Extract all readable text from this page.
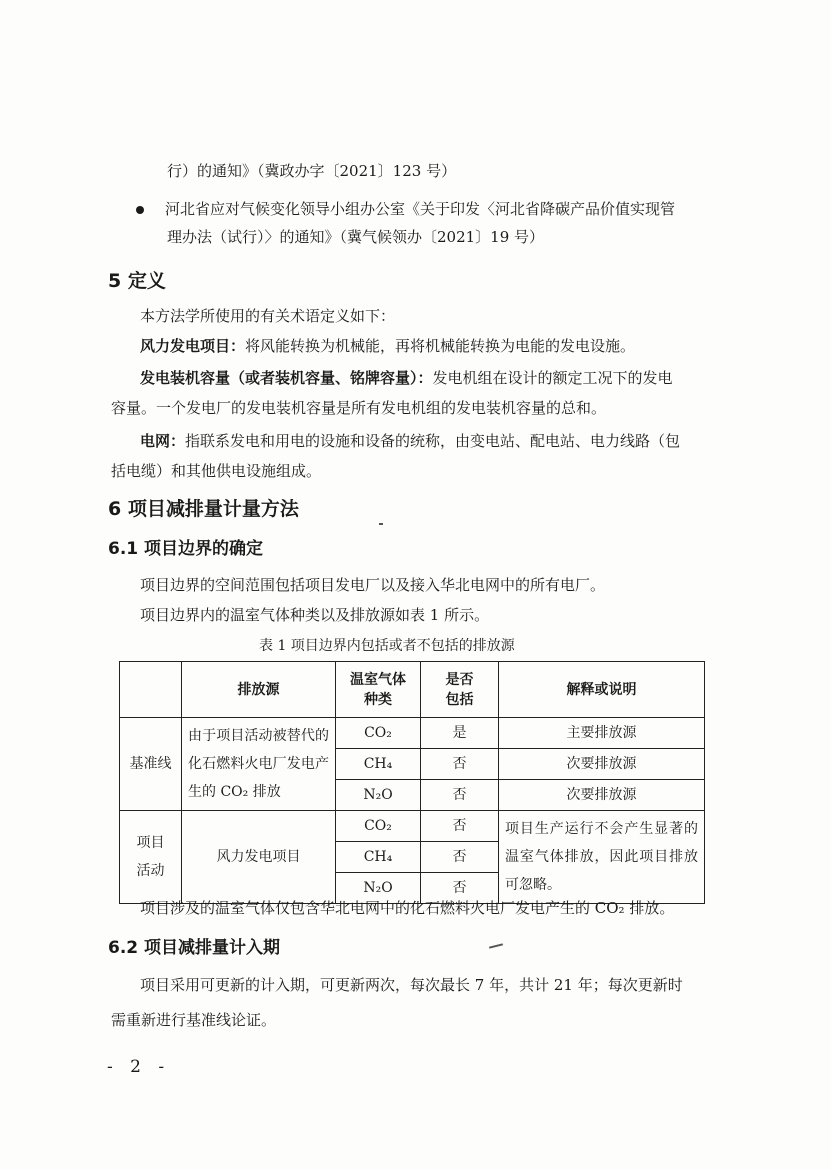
行）的通知》（冀政办字〔2021〕123 号）
河北省应对气候变化领导小组办公室《关于印发〈河北省降碳产品价值实现管
理办法（试行）〉的通知》（冀气候领办〔2021〕19 号）
5 定义
本方法学所使用的有关术语定义如下：
风力发电项目：将风能转换为机械能，再将机械能转换为电能的发电设施。
发电装机容量（或者装机容量、铭牌容量）：发电机组在设计的额定工况下的发电
容量。一个发电厂的发电装机容量是所有发电机组的发电装机容量的总和。
电网：指联系发电和用电的设施和设备的统称，由变电站、配电站、电力线路（包
括电缆）和其他供电设施组成。
6 项目减排量计量方法
6.1 项目边界的确定
项目边界的空间范围包括项目发电厂以及接入华北电网中的所有电厂。
项目边界内的温室气体种类以及排放源如表 1 所示。
表 1 项目边界内包括或者不包括的排放源
	排放源	温室气体种类	是否包括	解释或说明
基准线	由于项目活动被替代的化石燃料火电厂发电产生的 CO₂ 排放	CO₂	是	主要排放源
		CH₄	否	次要排放源
		N₂O	否	次要排放源
项目活动	风力发电项目	CO₂	否	项目生产运行不会产生显著的温室气体排放，因此项目排放可忽略。
		CH₄	否	
		N₂O	否	
项目涉及的温室气体仅包含华北电网中的化石燃料火电厂发电产生的 CO₂ 排放。
6.2 项目减排量计入期
项目采用可更新的计入期，可更新两次，每次最长 7 年，共计 21 年；每次更新时
需重新进行基准线论证。
- 2 -
